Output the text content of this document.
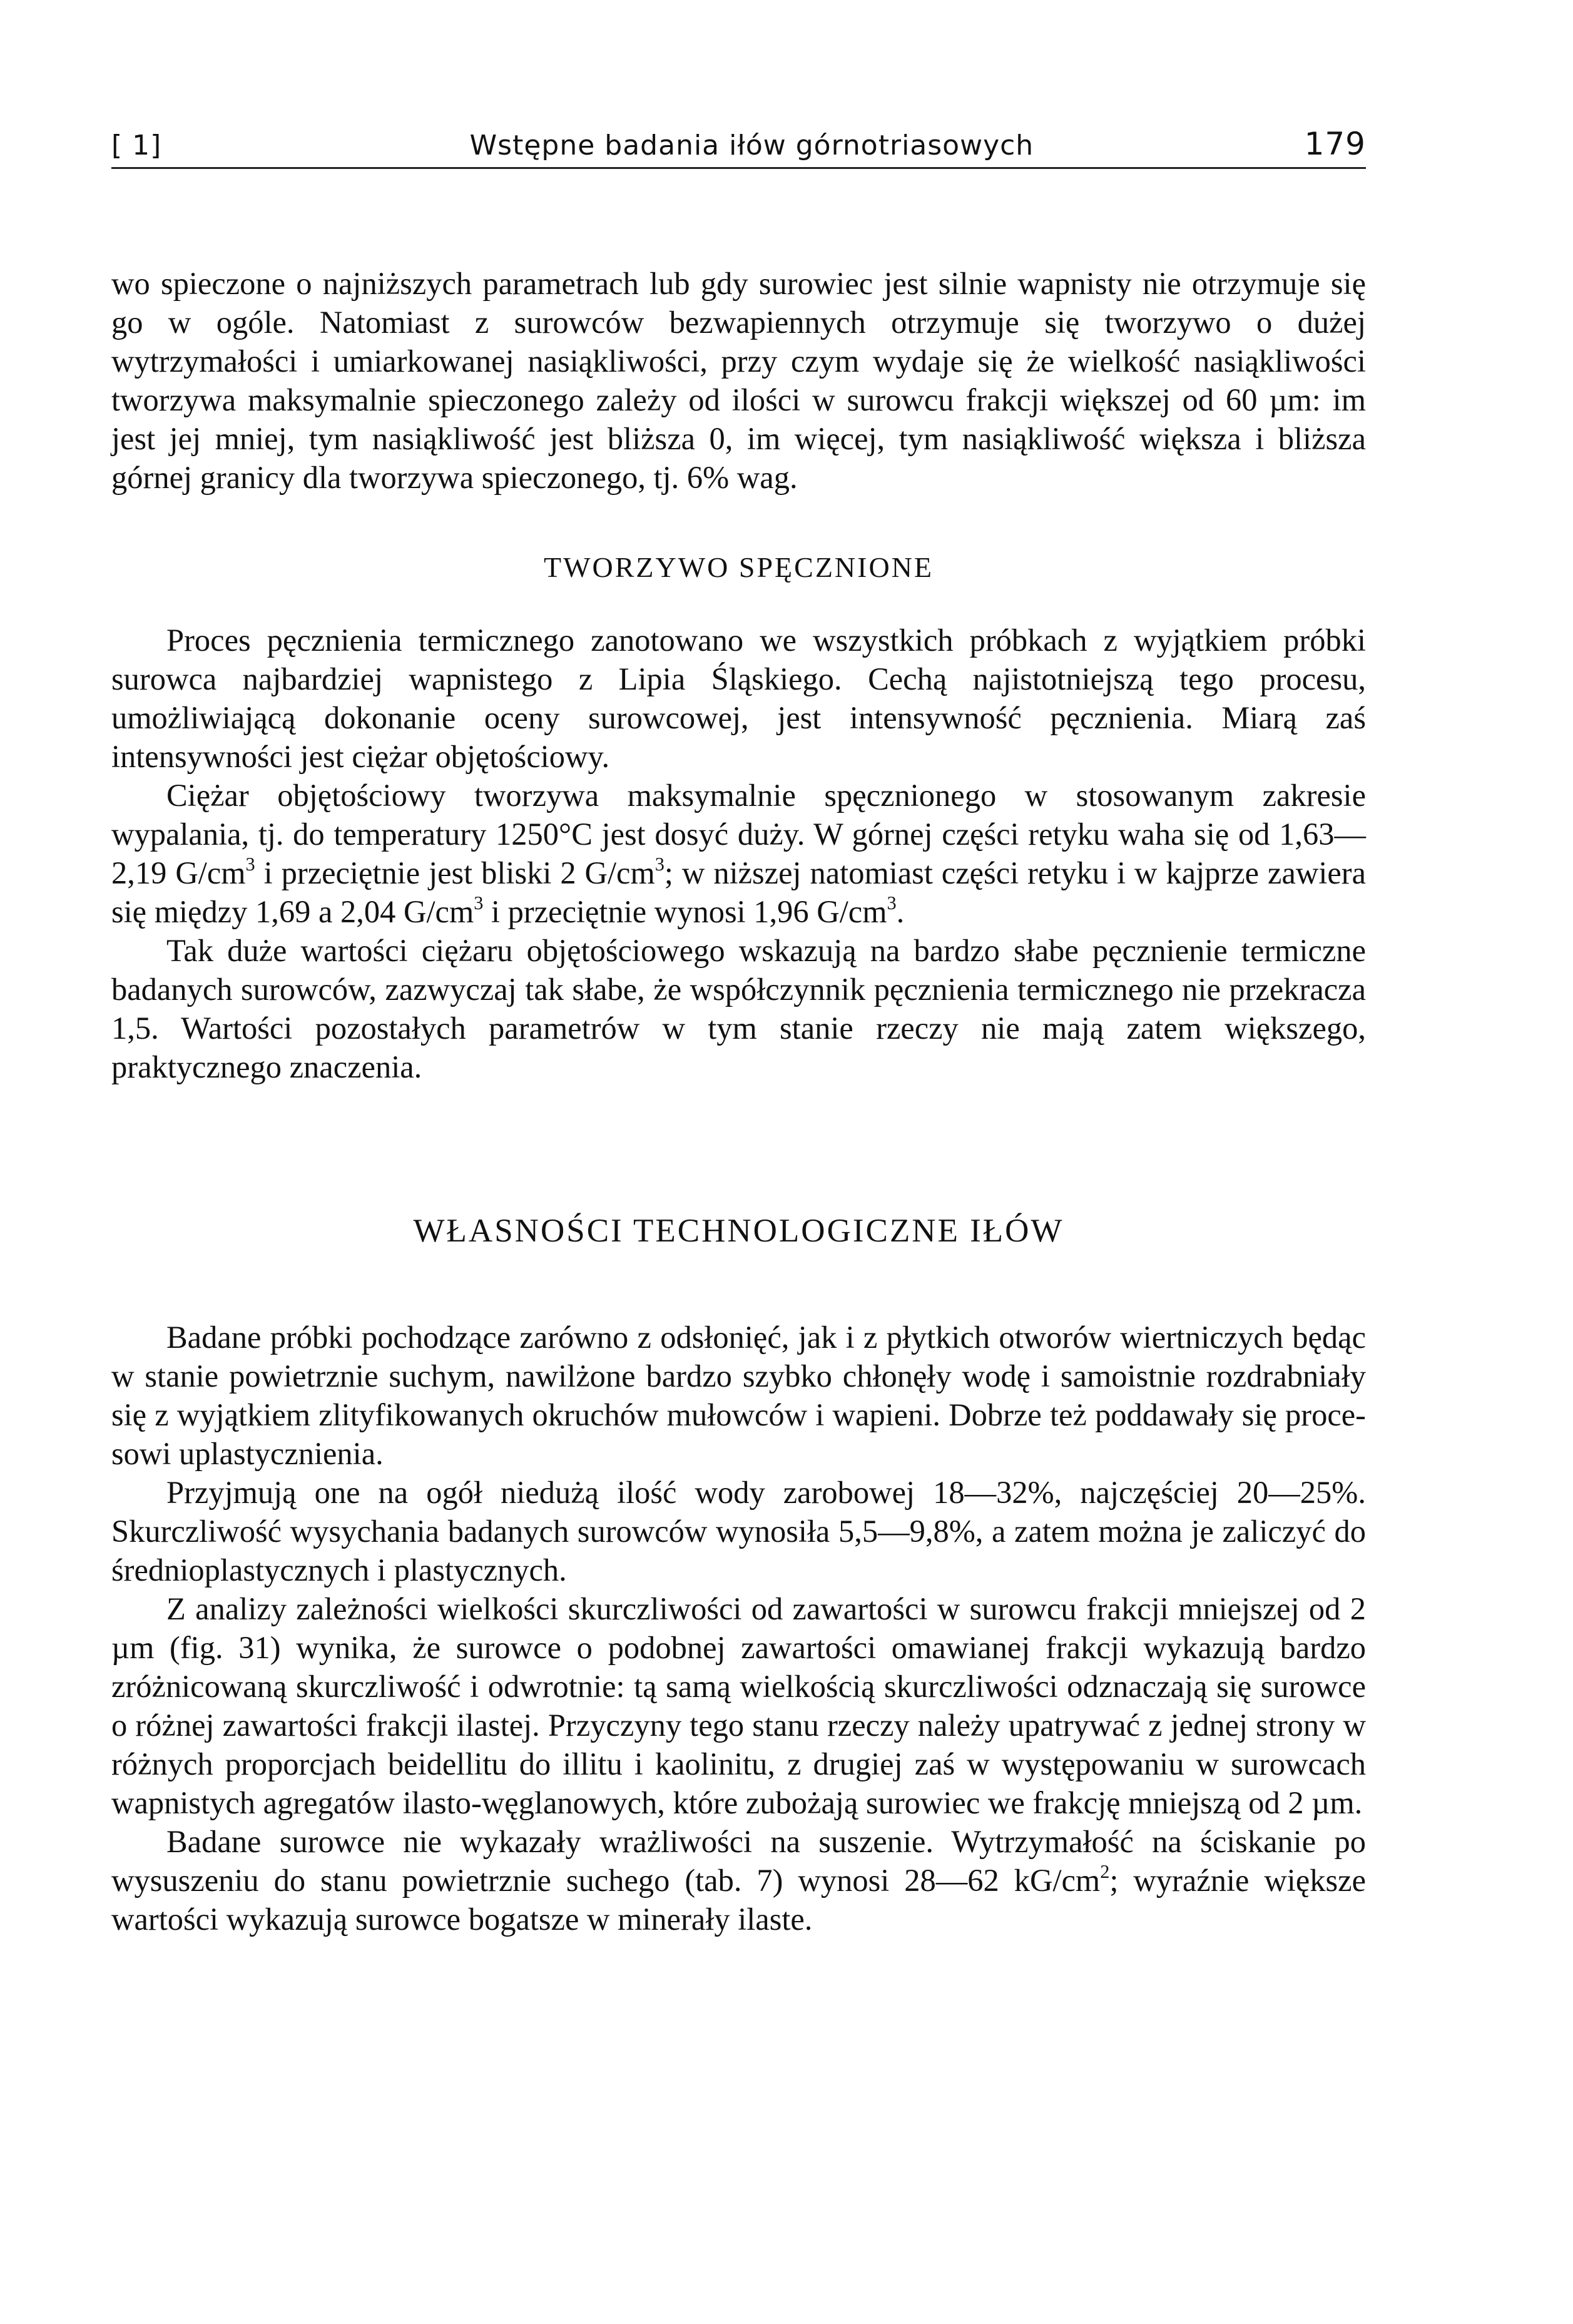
[ 1]	Wstępne badania iłów górnotriasowych	179

wo spieczone o najniższych parametrach lub gdy surowiec jest silnie wapnisty nie otrzymuje się go w ogóle. Natomiast z surowców bezwapiennych otrzymuje się tworzywo o dużej wytrzymałości i umiarkowanej nasiąkliwości, przy czym wydaje się że wielkość nasiąkliwości tworzywa maksymalnie spieczonego zależy od ilości w surowcu frakcji większej od 60 µm: im jest jej mniej, tym nasiąkliwość jest bliższa 0, im więcej, tym nasiąkliwość większa i bliższa górnej granicy dla tworzywa spieczonego, tj. 6% wag.

TWORZYWO SPĘCZNIONE

Proces pęcznienia termicznego zanotowano we wszystkich próbkach z wyjątkiem próbki surowca najbardziej wapnistego z Lipia Śląskiego. Cechą najistotniejszą tego procesu, umożliwiającą dokonanie oceny surowcowej, jest intensywność pęcznienia. Miarą zaś intensywności jest ciężar objętościowy.

Ciężar objętościowy tworzywa maksymalnie spęcznionego w stosowanym zakresie wypalania, tj. do temperatury 1250°C jest dosyć duży. W górnej części retyku waha się od 1,63—2,19 $G/cm^3$ i przeciętnie jest bliski 2 $G/cm^3$; w niższej natomiast części retyku i w kajprze zawiera się między 1,69 a 2,04 $G/cm^3$ i przeciętnie wynosi 1,96 $G/cm^3$.

Tak duże wartości ciężaru objętościowego wskazują na bardzo słabe pęcznienie termiczne badanych surowców, zazwyczaj tak słabe, że współczynnik pęcznienia termicznego nie przekracza 1,5. Wartości pozostałych parametrów w tym stanie rzeczy nie mają zatem większego, praktycznego znaczenia.

WŁASNOŚCI TECHNOLOGICZNE IŁÓW

Badane próbki pochodzące zarówno z odsłonięć, jak i z płytkich otworów wiertniczych będąc w stanie powietrznie suchym, nawilżone bardzo szybko chłonęły wodę i samoistnie rozdrabniały się z wyjątkiem zlityfikowanych okruchów mułowców i wapieni. Dobrze też poddawały się procesowi uplastycznienia.

Przyjmują one na ogół niedużą ilość wody zarobowej 18—32%, najczęściej 20—25%. Skurczliwość wysychania badanych surowców wynosiła 5,5—9,8%, a zatem można je zaliczyć do średnioplastycznych i plastycznych.

Z analizy zależności wielkości skurczliwości od zawartości w surowcu frakcji mniejszej od 2 µm (fig. 31) wynika, że surowce o podobnej zawartości omawianej frakcji wykazują bardzo zróżnicowaną skurczliwość i odwrotnie: tą samą wielkością skurczliwości odznaczają się surowce o różnej zawartości frakcji ilastej. Przyczyny tego stanu rzeczy należy upatrywać z jednej strony w różnych proporcjach beidellitu do illitu i kaolinitu, z drugiej zaś w występowaniu w surowcach wapnistych agregatów ilasto-węglanowych, które zubożają surowiec we frakcję mniejszą od 2 µm.

Badane surowce nie wykazały wrażliwości na suszenie. Wytrzymałość na ściskanie po wysuszeniu do stanu powietrznie suchego (tab. 7) wynosi 28—62 $kG/cm^2$; wyraźnie większe wartości wykazują surowce bogatsze w minerały ilaste.
